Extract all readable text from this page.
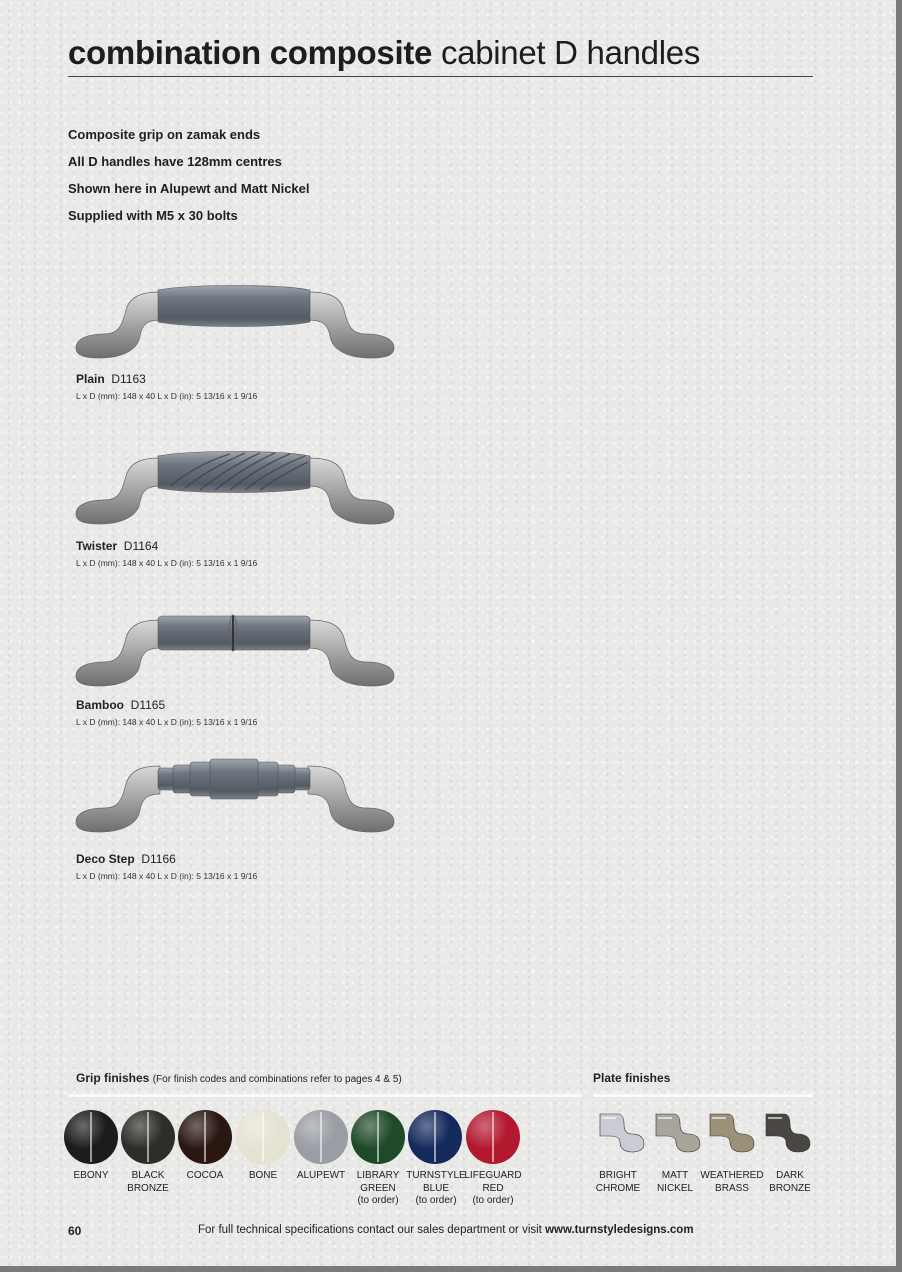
combination composite cabinet D handles
Composite grip on zamak ends
All D handles have 128mm centres
Shown here in Alupewt and Matt Nickel
Supplied with M5 x 30 bolts
Plain D1163
L x D (mm): 148 x 40 L x D (in): 5 13/16 x 1 9/16
Twister D1164
L x D (mm): 148 x 40 L x D (in): 5 13/16 x 1 9/16
Bamboo D1165
L x D (mm): 148 x 40 L x D (in): 5 13/16 x 1 9/16
Deco Step D1166
L x D (mm): 148 x 40 L x D (in): 5 13/16 x 1 9/16
Grip finishes (For finish codes and combinations refer to pages 4 & 5)
EBONY	BLACK
BRONZE
COCOA	BONE	ALUPEWT	LIBRARY
GREEN
(to order)
TURNSTYLE
BLUE
(to order)
LIFEGUARD
RED
(to order)
Plate finishes
BRIGHT
CHROME
MATT
NICKEL
WEATHERED
BRASS
DARK
BRONZE
60	For full technical specifications contact our sales department or visit www.turnstyledesigns.com
